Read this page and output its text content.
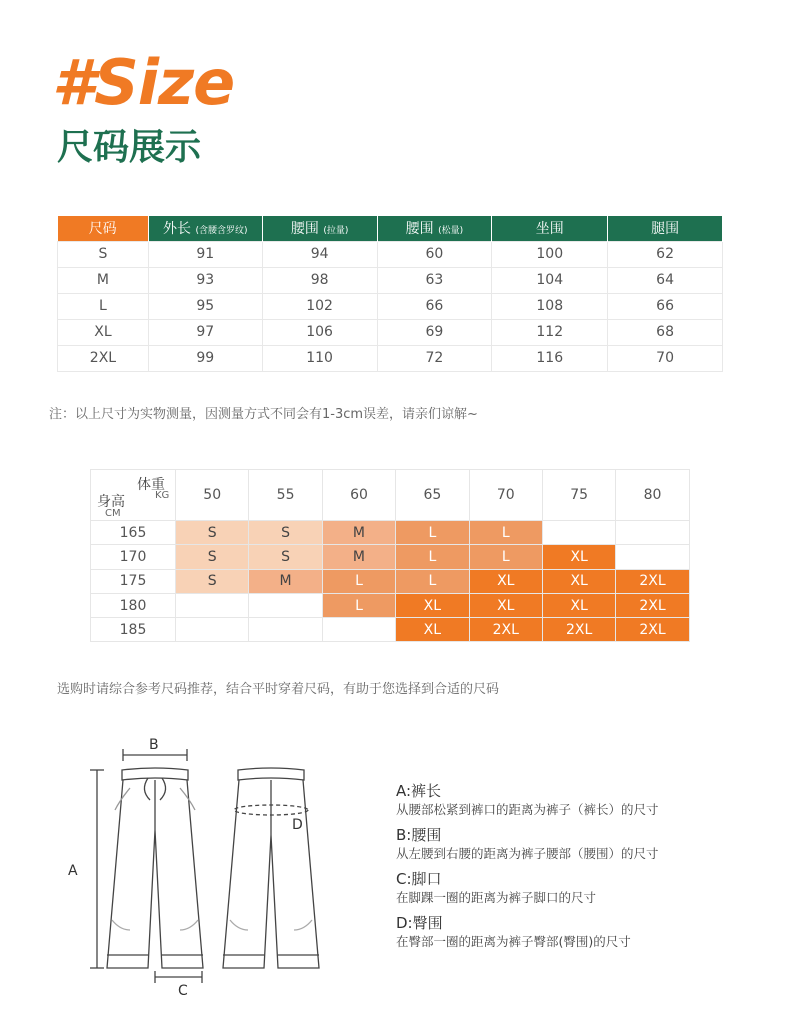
#Size
尺码展示
尺码	外长 (含腰含罗纹)	腰围 (拉量)	腰围 (松量)	坐围	腿围
S	91	94	60	100	62
M	93	98	63	104	64
L	95	102	66	108	66
XL	97	106	69	112	68
2XL	99	110	72	116	70
注：以上尺寸为实物测量，因测量方式不同会有1-3cm误差，请亲们谅解~
体重
KG
身高
CM	50	55	60	65	70	75	80
165	S	S	M	L	L		
170	S	S	M	L	L	XL	
175	S	M	L	L	XL	XL	2XL
180			L	XL	XL	XL	2XL
185				XL	2XL	2XL	2XL
选购时请综合参考尺码推荐，结合平时穿着尺码，有助于您选择到合适的尺码
A
B
C
D
A:裤长
从腰部松紧到裤口的距离为裤子（裤长）的尺寸
B:腰围
从左腰到右腰的距离为裤子腰部（腰围）的尺寸
C:脚口
在脚踝一圈的距离为裤子脚口的尺寸
D:臀围
在臀部一圈的距离为裤子臀部(臀围)的尺寸
